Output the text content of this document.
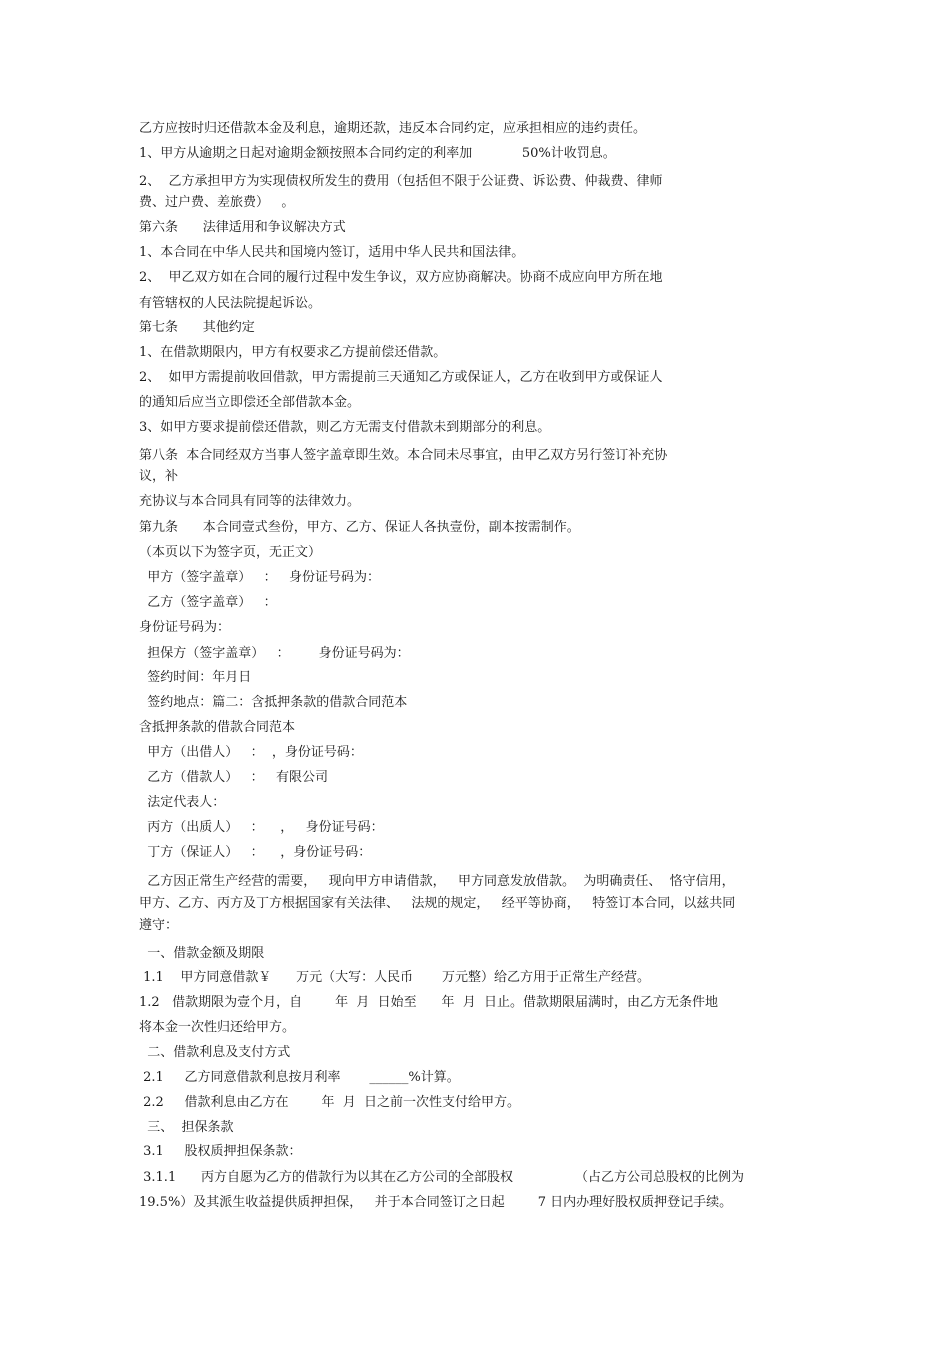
乙方应按时归还借款本金及利息，逾期还款，违反本合同约定，应承担相应的违约责任。
1、甲方从逾期之日起对逾期金额按照本合同约定的利率加            50%计收罚息。
2、  乙方承担甲方为实现债权所发生的费用（包括但不限于公证费、诉讼费、仲裁费、律师
费、过户费、差旅费）   。
第六条      法律适用和争议解决方式
1、本合同在中华人民共和国境内签订，适用中华人民共和国法律。
2、  甲乙双方如在合同的履行过程中发生争议，双方应协商解决。协商不成应向甲方所在地
有管辖权的人民法院提起诉讼。
第七条      其他约定
1、在借款期限内，甲方有权要求乙方提前偿还借款。
2、  如甲方需提前收回借款，甲方需提前三天通知乙方或保证人，乙方在收到甲方或保证人
的通知后应当立即偿还全部借款本金。
3、如甲方要求提前偿还借款，则乙方无需支付借款未到期部分的利息。
第八条  本合同经双方当事人签字盖章即生效。本合同未尽事宜，由甲乙双方另行签订补充协
议，补
充协议与本合同具有同等的法律效力。
第九条      本合同壹式叁份，甲方、乙方、保证人各执壹份，副本按需制作。
（本页以下为签字页，无正文）
甲方（签字盖章）   ：   身份证号码为：
乙方（签字盖章）   ：
身份证号码为：
担保方（签字盖章）   ：       身份证号码为：
签约时间：年月日
签约地点：篇二：含抵押条款的借款合同范本
含抵押条款的借款合同范本
甲方（出借人）   ：  ，身份证号码：
乙方（借款人）   ：   有限公司
法定代表人：
丙方（出质人）   ：    ，   身份证号码：
丁方（保证人）   ：    ，身份证号码：
乙方因正常生产经营的需要，   现向甲方申请借款，   甲方同意发放借款。  为明确责任、  恪守信用，
甲方、乙方、丙方及丁方根据国家有关法律、   法规的规定，   经平等协商，   特签订本合同，以兹共同
遵守：
一、借款金额及期限
1.1    甲方同意借款￥      万元（大写：人民币       万元整）给乙方用于正常生产经营。
1.2   借款期限为壹个月，自        年  月  日始至      年  月  日止。借款期限届满时，由乙方无条件地
将本金一次性归还给甲方。
二、借款利息及支付方式
2.1     乙方同意借款利息按月利率       ______%计算。
2.2     借款利息由乙方在        年  月  日之前一次性支付给甲方。
三、  担保条款
3.1     股权质押担保条款：
3.1.1      丙方自愿为乙方的借款行为以其在乙方公司的全部股权               （占乙方公司总股权的比例为
19.5%）及其派生收益提供质押担保，   并于本合同签订之日起        7 日内办理好股权质押登记手续。
